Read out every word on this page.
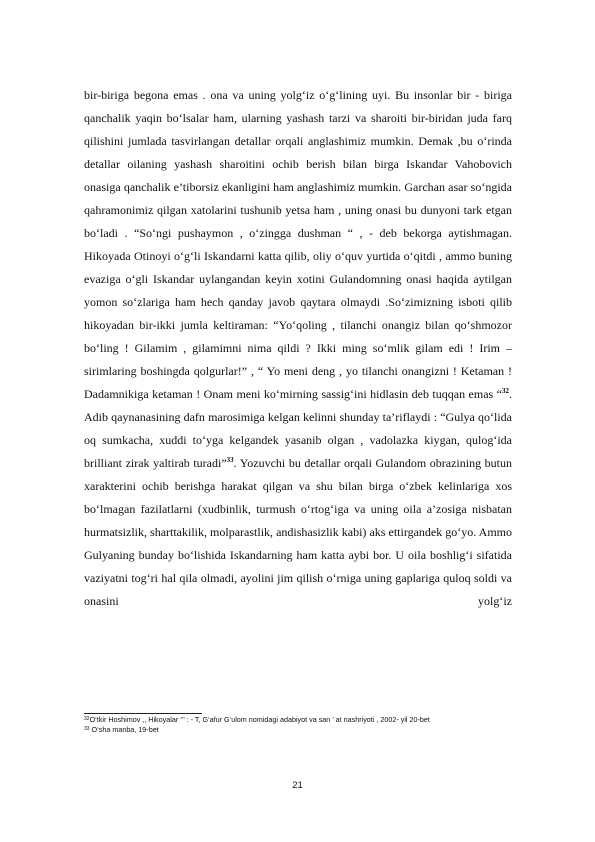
bir-biriga begona emas . ona va uning yolg‘iz o‘g‘lining uyi. Bu insonlar bir - biriga qanchalik yaqin bo‘lsalar ham, ularning yashash tarzi va sharoiti bir-biridan juda farq qilishini jumlada tasvirlangan detallar orqali anglashimiz mumkin. Demak ,bu o‘rinda detallar oilaning yashash sharoitini ochib berish bilan birga Iskandar Vahobovich onasiga qanchalik e’tiborsiz ekanligini ham anglashimiz mumkin. Garchan asar so‘ngida qahramonimiz qilgan xatolarini tushunib yetsa ham , uning onasi bu dunyoni tark etgan bo‘ladi . “So‘ngi pushaymon , o‘zingga dushman “ , - deb bekorga aytishmagan. Hikoyada Otinoyi o‘g‘li Iskandarni katta qilib, oliy o‘quv yurtida o‘qitdi , ammo buning evaziga o‘gli Iskandar uylangandan keyin xotini Gulandomning onasi haqida aytilgan yomon so‘zlariga ham hech qanday javob qaytara olmaydi .So‘zimizning isboti qilib hikoyadan bir-ikki jumla keltiraman: “Yo‘qoling , tilanchi onangiz bilan qo‘shmozor bo‘ling ! Gilamim , gilamimni nima qildi ? Ikki ming so‘mlik gilam edi ! Irim – sirimlaring boshingda qolgurlar!” , “ Yo meni deng , yo tilanchi onangizni ! Ketaman ! Dadamnikiga ketaman ! Onam meni ko‘mirning sassig‘ini hidlasin deb tuqqan emas “$^{32}$. Adib qaynanasining dafn marosimiga kelgan kelinni shunday ta’riflaydi : “Gulya qo‘lida oq sumkacha, xuddi to‘yga kelgandek yasanib olgan , vadolazka kiygan, qulog‘ida brilliant zirak yaltirab turadi”$^{33}$. Yozuvchi bu detallar orqali Gulandom obrazining butun xarakterini ochib berishga harakat qilgan va shu bilan birga o‘zbek kelinlariga xos bo‘lmagan fazilatlarni (xudbinlik, turmush o‘rtog‘iga va uning oila a’zosiga nisbatan hurmatsizlik, sharttakilik, molparastlik, andishasizlik kabi) aks ettirgandek go‘yo. Ammo Gulyaning bunday bo‘lishida Iskandarning ham katta aybi bor. U oila boshlig‘i sifatida vaziyatni tog‘ri hal qila olmadi, ayolini jim qilish o‘rniga uning gaplariga quloq soldi va onasini yolg‘iz

$^{32}$O‘tkir Hoshimov ,, Hikoyalar ‘’’ : - T, G‘afur G‘ulom nomidagi adabiyot va san ’ at nashriyoti , 2002- yil 20-bet

$^{33}$ O‘sha manba, 19-bet

21
